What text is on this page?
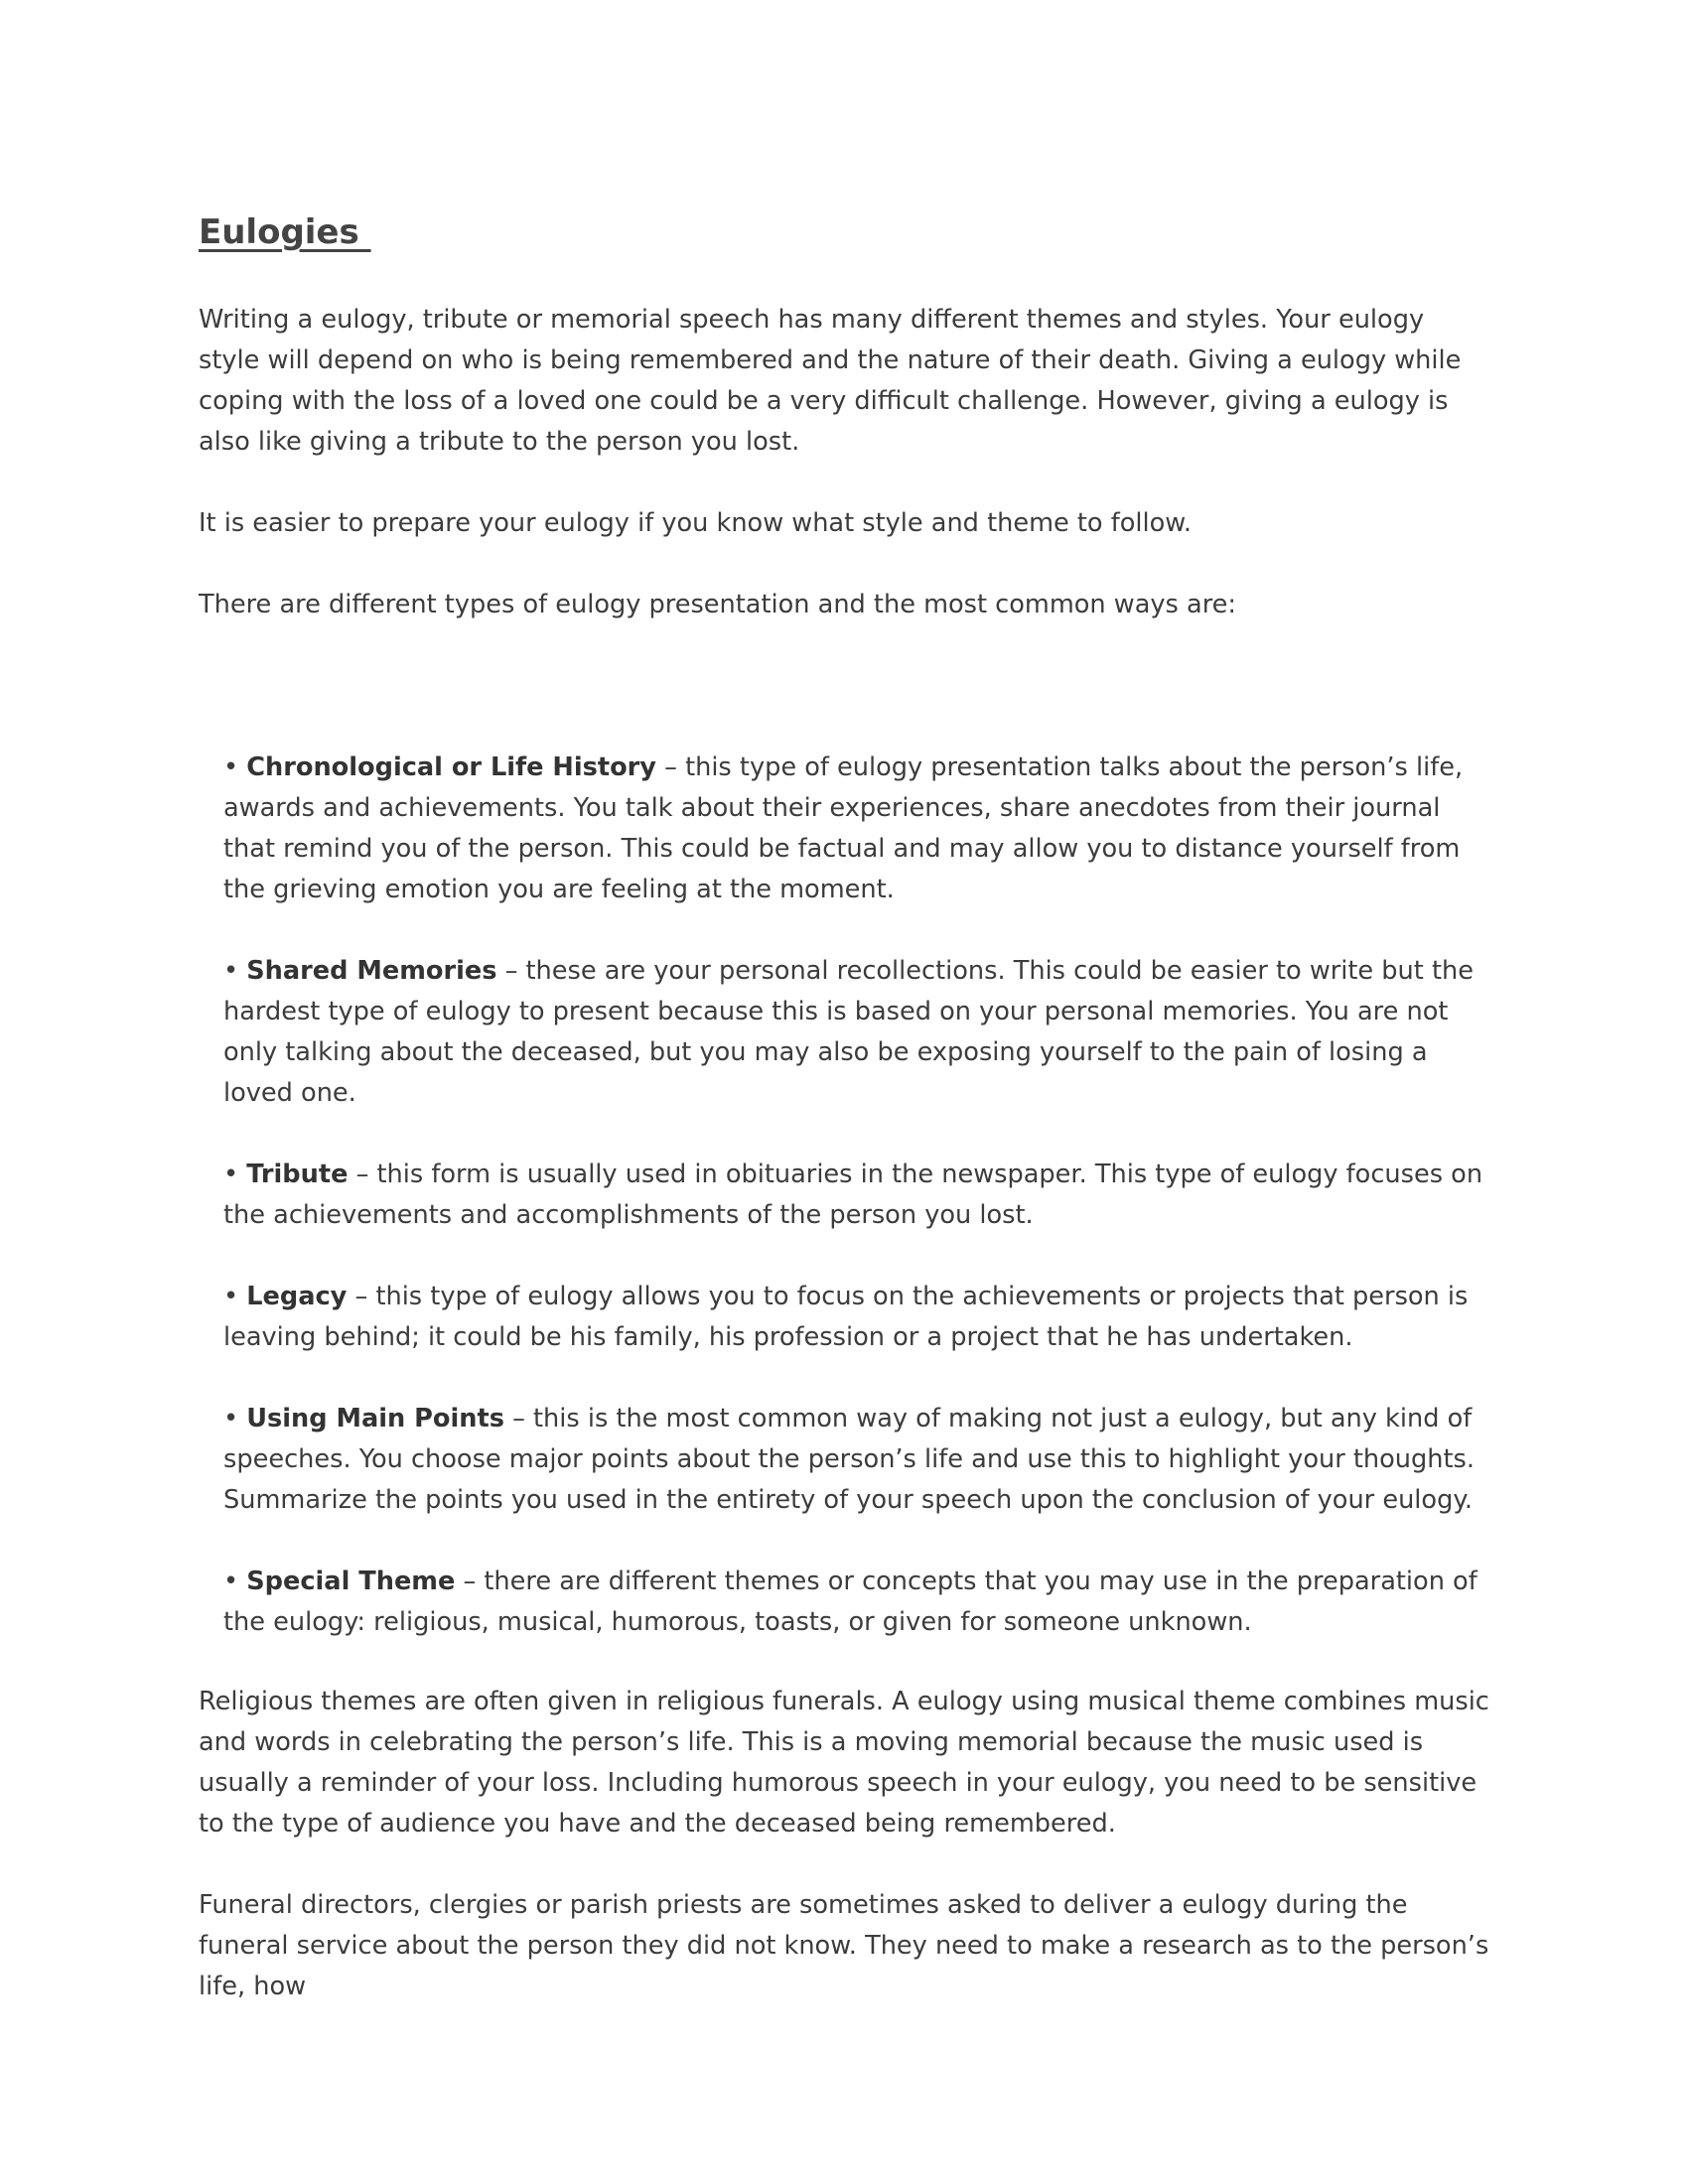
Eulogies

Writing a eulogy, tribute or memorial speech has many different themes and styles. Your eulogy style will depend on who is being remembered and the nature of their death. Giving a eulogy while coping with the loss of a loved one could be a very difficult challenge. However, giving a eulogy is also like giving a tribute to the person you lost.

It is easier to prepare your eulogy if you know what style and theme to follow.

There are different types of eulogy presentation and the most common ways are:

• Chronological or Life History – this type of eulogy presentation talks about the person’s life, awards and achievements. You talk about their experiences, share anecdotes from their journal that remind you of the person. This could be factual and may allow you to distance yourself from the grieving emotion you are feeling at the moment.

• Shared Memories – these are your personal recollections. This could be easier to write but the hardest type of eulogy to present because this is based on your personal memories. You are not only talking about the deceased, but you may also be exposing yourself to the pain of losing a loved one.

• Tribute – this form is usually used in obituaries in the newspaper. This type of eulogy focuses on the achievements and accomplishments of the person you lost.

• Legacy – this type of eulogy allows you to focus on the achievements or projects that person is leaving behind; it could be his family, his profession or a project that he has undertaken.

• Using Main Points – this is the most common way of making not just a eulogy, but any kind of speeches. You choose major points about the person’s life and use this to highlight your thoughts. Summarize the points you used in the entirety of your speech upon the conclusion of your eulogy.

• Special Theme – there are different themes or concepts that you may use in the preparation of the eulogy: religious, musical, humorous, toasts, or given for someone unknown.

Religious themes are often given in religious funerals. A eulogy using musical theme combines music and words in celebrating the person’s life. This is a moving memorial because the music used is usually a reminder of your loss. Including humorous speech in your eulogy, you need to be sensitive to the type of audience you have and the deceased being remembered.

Funeral directors, clergies or parish priests are sometimes asked to deliver a eulogy during the funeral service about the person they did not know. They need to make a research as to the person’s life, how
